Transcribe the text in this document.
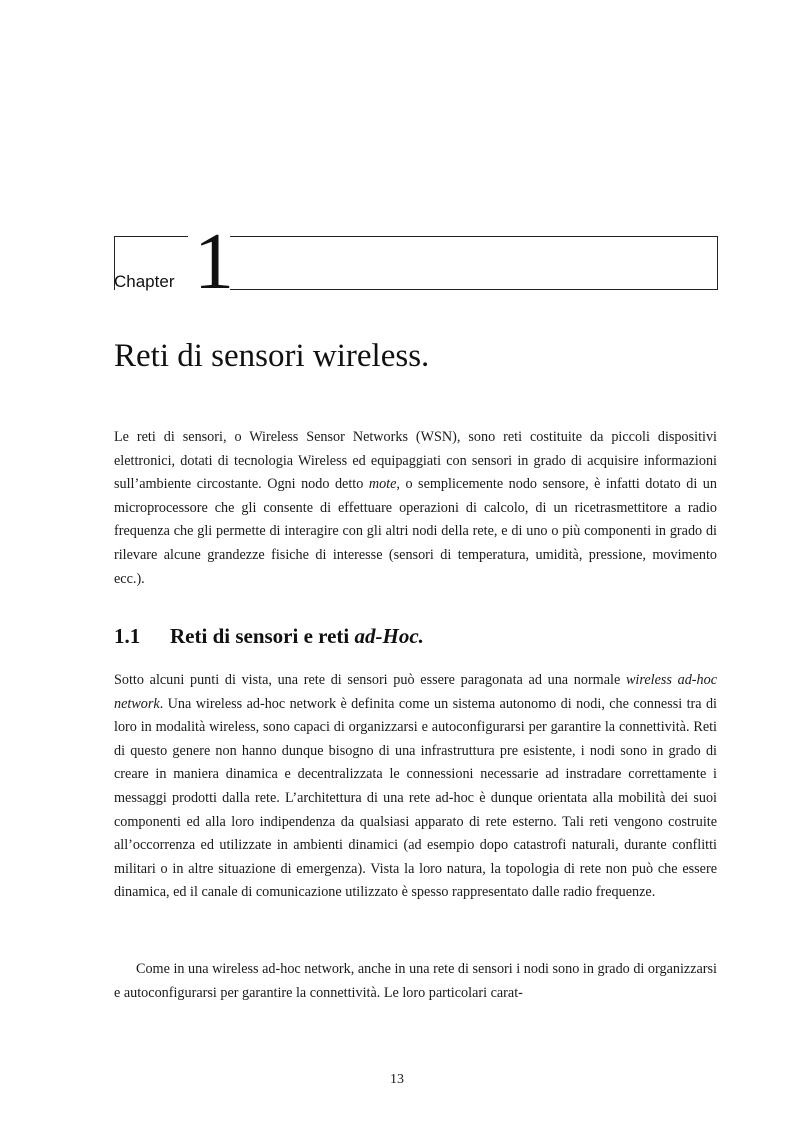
Chapter 1
Reti di sensori wireless.

Le reti di sensori, o Wireless Sensor Networks (WSN), sono reti costituite da piccoli dispositivi elettronici, dotati di tecnologia Wireless ed equipaggiati con sensori in grado di acquisire informazioni sull’ambiente circostante. Ogni nodo detto mote, o semplicemente nodo sensore, è infatti dotato di un microprocessore che gli consente di effettuare operazioni di calcolo, di un ricetrasmettitore a radio frequenza che gli permette di interagire con gli altri nodi della rete, e di uno o più componenti in grado di rilevare alcune grandezze fisiche di interesse (sensori di temperatura, umidità, pressione, movimento ecc.).

1.1 Reti di sensori e reti ad-Hoc.

Sotto alcuni punti di vista, una rete di sensori può essere paragonata ad una normale wireless ad-hoc network. Una wireless ad-hoc network è definita come un sistema autonomo di nodi, che connessi tra di loro in modalità wireless, sono capaci di organizzarsi e autoconfigurarsi per garantire la connettività. Reti di questo genere non hanno dunque bisogno di una infrastruttura pre esistente, i nodi sono in grado di creare in maniera dinamica e decentralizzata le connessioni necessarie ad instradare correttamente i messaggi prodotti dalla rete. L’architettura di una rete ad-hoc è dunque orientata alla mobilità dei suoi componenti ed alla loro indipendenza da qualsiasi apparato di rete esterno. Tali reti vengono costruite all’occorrenza ed utilizzate in ambienti dinamici (ad esempio dopo catastrofi naturali, durante conflitti militari o in altre situazione di emergenza). Vista la loro natura, la topologia di rete non può che essere dinamica, ed il canale di comunicazione utilizzato è spesso rappresentato dalle radio frequenze.

Come in una wireless ad-hoc network, anche in una rete di sensori i nodi sono in grado di organizzarsi e autoconfigurarsi per garantire la connettività. Le loro particolari carat-

13
